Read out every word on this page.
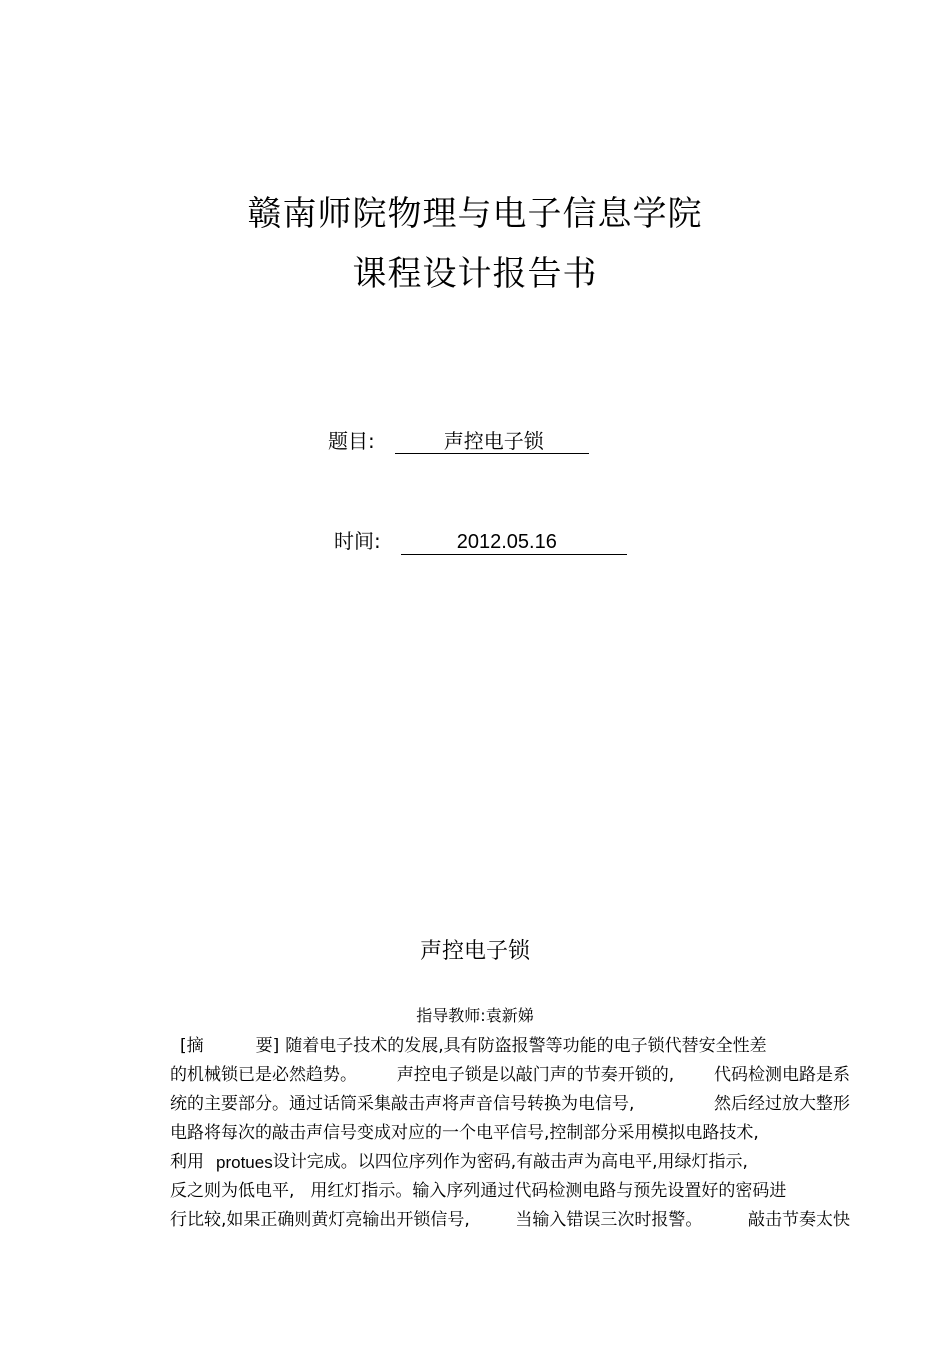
赣南师院物理与电子信息学院
课程设计报告书
题目:	声控电子锁
时间:	2012.05.16
声控电子锁
指导教师:袁新娣
[摘	要] 随着电子技术的发展,具有防盗报警等功能的电子锁代替安全性差
的机械锁已是必然趋势。 声控电子锁是以敲门声的节奏开锁的, 代码检测电路是系
统的主要部分。通过话筒采集敲击声将声音信号转换为电信号,	然后经过放大整形
电路将每次的敲击声信号变成对应的一个电平信号,控制部分采用模拟电路技术,
利用 protues 设计完成。以四位序列作为密码,有敲击声为高电平,用绿灯指示,
反之则为低电平, 用红灯指示。输入序列通过代码检测电路与预先设置好的密码进
行比较,如果正确则黄灯亮输出开锁信号,	当输入错误三次时报警。	敲击节奏太快
